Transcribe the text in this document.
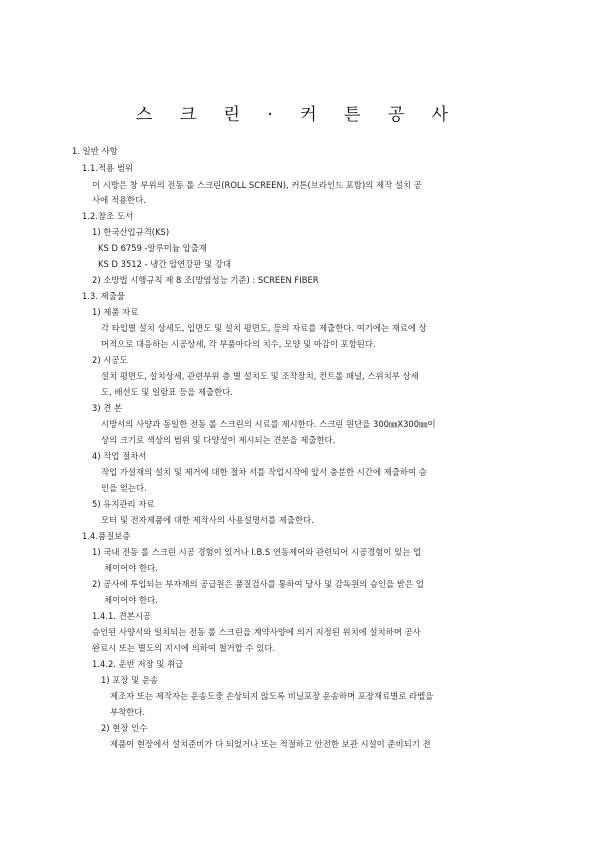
스 크 린 · 커 튼 공 사
1. 일반 사항
1.1.적용 범위
이 시방은 창 부위의 전동 롤 스크린(ROLL SCREEN), 커튼(브라인드 포함)의 제작 설치 공
사에 적용한다.
1.2.참조 도서
1) 한국산업규격(KS)
KS D 6759 -알루미늄 압출재
KS D 3512 - 냉간 압연강판 및 강대
2) 소방법 시행규칙 제 8 조(방염성능 기준) : SCREEN FIBER
1.3. 제출물
1) 제품 자료
각 타입별 설치 상세도, 입면도 및 설치 평면도, 등의 자료를 제출한다. 여기에는 재료에 상
머적으로 대응하는 시공상세, 각 부품마다의 치수, 모양 및 마감이 포함된다.
2) 시공도
설치 평면도, 설치상세, 관련부위 층 별 설치도 및 조작장치, 컨트롤 패널, 스위치부 상세
도, 배선도 및 일람표 등을 제출한다.
3) 견 본
시방서의 사양과 동일한 전동 롤 스크린의 시료를 제시한다. 스크린 원단을 300㎜X300㎜이
상의 크기로 색상의 범위 및 다양성이 제시되는 견본을 제출한다.
4) 작업 절차서
작업 가설재의 설치 및 제거에 대한 절차 서를 작업시작에 앞서 충분한 시간에 제출하여 승
인을 얻는다.
5) 유지관리 자료
모터 및 전자제품에 대한 제작사의 사용설명서를 제출한다.
1.4.품질보증
1) 국내 전동 롤 스크린 시공 경험이 있거나 I.B.S 연동제어와 관련되어 시공경험이 있는 업
체이어야 한다.
2) 공사에 투입되는 부자재의 공급원은 품질검사를 통하여 당사 및 감독원의 승인을 받은 업
체이어야 한다.
1.4.1. 견본시공
승인된 사양서와 일치되는 전동 롤 스크린을 계약사양에 의거 지정된 위치에 설치하며 공사
완료시 또는 별도의 지시에 의하여 철거할 수 있다.
1.4.2. 운반 저장 및 취급
1) 포장 및 운송
제조자 또는 제작자는 운송도중 손상되지 않도록 비닐포장 운송하며 포장재료별로 라벨을
부착한다.
2) 현장 인수
제품이 현장에서 설치준비가 다 되었거나 또는 적절하고 안전한 보관 시설이 준비되기 전
